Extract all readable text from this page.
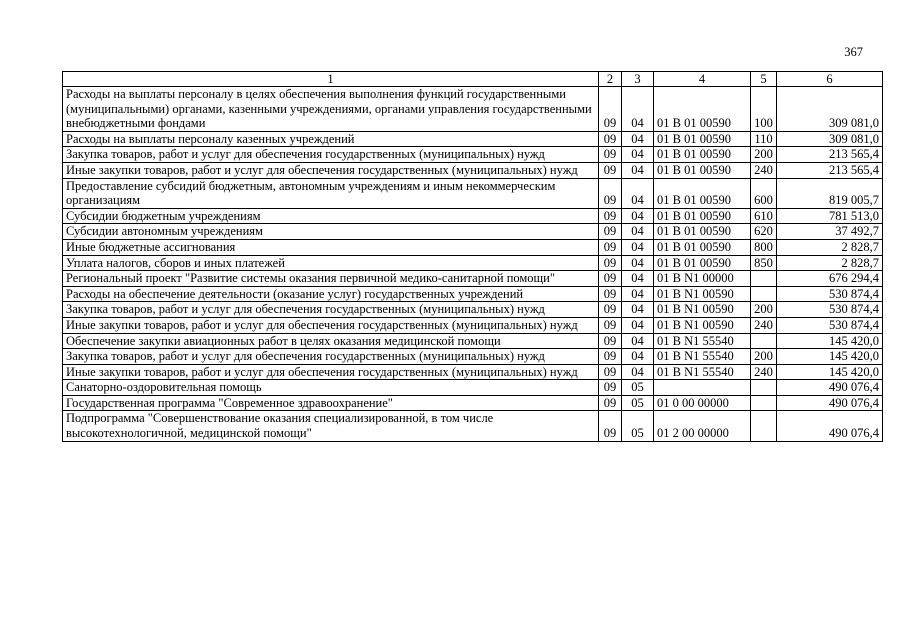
367
1	2	3	4	5	6
Расходы на выплаты персоналу в целях обеспечения выполнения функций государственными (муниципальными) органами, казенными учреждениями, органами управления государственными внебюджетными фондами	09	04	01 В 01 00590	100	309 081,0
Расходы на выплаты персоналу казенных учреждений	09	04	01 В 01 00590	110	309 081,0
Закупка товаров, работ и услуг для обеспечения государственных (муниципальных) нужд	09	04	01 В 01 00590	200	213 565,4
Иные закупки товаров, работ и услуг для обеспечения государственных (муниципальных) нужд	09	04	01 В 01 00590	240	213 565,4
Предоставление субсидий бюджетным, автономным учреждениям и иным некоммерческим организациям	09	04	01 В 01 00590	600	819 005,7
Субсидии бюджетным учреждениям	09	04	01 В 01 00590	610	781 513,0
Субсидии автономным учреждениям	09	04	01 В 01 00590	620	37 492,7
Иные бюджетные ассигнования	09	04	01 В 01 00590	800	2 828,7
Уплата налогов, сборов и иных платежей	09	04	01 В 01 00590	850	2 828,7
Региональный проект "Развитие системы оказания первичной медико-санитарной помощи"	09	04	01 В N1 00000		676 294,4
Расходы на обеспечение деятельности (оказание услуг) государственных учреждений	09	04	01 В N1 00590		530 874,4
Закупка товаров, работ и услуг для обеспечения государственных (муниципальных) нужд	09	04	01 В N1 00590	200	530 874,4
Иные закупки товаров, работ и услуг для обеспечения государственных (муниципальных) нужд	09	04	01 В N1 00590	240	530 874,4
Обеспечение закупки авиационных работ в целях оказания медицинской помощи	09	04	01 В N1 55540		145 420,0
Закупка товаров, работ и услуг для обеспечения государственных (муниципальных) нужд	09	04	01 В N1 55540	200	145 420,0
Иные закупки товаров, работ и услуг для обеспечения государственных (муниципальных) нужд	09	04	01 В N1 55540	240	145 420,0
Санаторно-оздоровительная помощь	09	05			490 076,4
Государственная программа "Современное здравоохранение"	09	05	01 0 00 00000		490 076,4
Подпрограмма "Совершенствование оказания специализированной, в том числе высокотехнологичной, медицинской помощи"	09	05	01 2 00 00000		490 076,4
